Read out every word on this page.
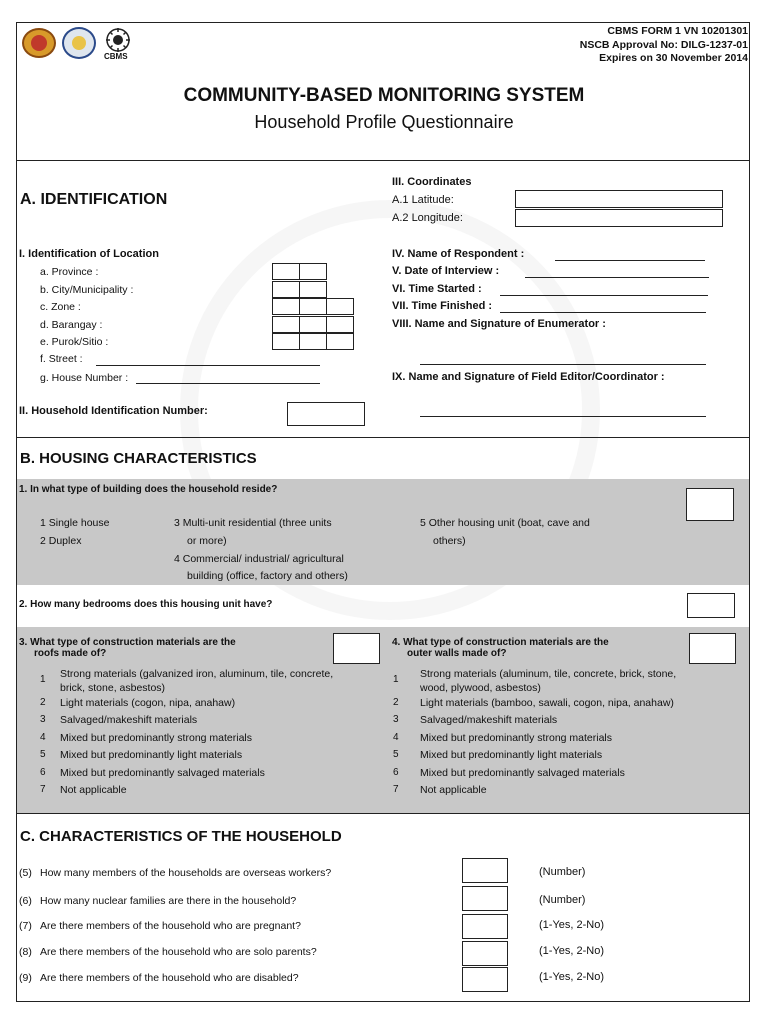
CBMS
CBMS FORM 1 VN 10201301
NSCB Approval No: DILG-1237-01
Expires on 30 November 2014
COMMUNITY-BASED MONITORING SYSTEM
Household Profile Questionnaire
A. IDENTIFICATION
I. Identification of Location
a. Province :
b. City/Municipality :
c. Zone :
d. Barangay :
e. Purok/Sitio :
f. Street :
g. House Number :
II. Household Identification Number:
III. Coordinates
A.1 Latitude:
A.2 Longitude:
IV. Name of Respondent :
V. Date of Interview :
VI. Time Started :
VII. Time Finished :
VIII. Name and Signature of Enumerator :
IX. Name and Signature of Field Editor/Coordinator :
B. HOUSING CHARACTERISTICS
1. In what type of building does the household reside?
1 Single house
2 Duplex
3 Multi-unit residential (three units
or more)
4 Commercial/ industrial/ agricultural
building (office, factory and others)
5 Other housing unit (boat, cave and
others)
2. How many bedrooms does this housing unit have?
3. What type of construction materials are the
roofs made of?
4. What type of construction materials are the
outer walls made of?
1 Strong materials (galvanized iron, aluminum, tile, concrete,
brick, stone, asbestos)
2 Light materials (cogon, nipa, anahaw)
3 Salvaged/makeshift materials
4 Mixed but predominantly strong materials
5 Mixed but predominantly light materials
6 Mixed but predominantly salvaged materials
7 Not applicable
1 Strong materials (aluminum, tile, concrete, brick, stone,
wood, plywood, asbestos)
2 Light materials (bamboo, sawali, cogon, nipa, anahaw)
3 Salvaged/makeshift materials
4 Mixed but predominantly strong materials
5 Mixed but predominantly light materials
6 Mixed but predominantly salvaged materials
7 Not applicable
C. CHARACTERISTICS OF THE HOUSEHOLD
(5) How many members of the households are overseas workers?	(Number)
(6) How many nuclear families are there in the household?	(Number)
(7) Are there members of the household who are pregnant?	(1-Yes, 2-No)
(8) Are there members of the household who are solo parents?	(1-Yes, 2-No)
(9) Are there members of the household who are disabled?	(1-Yes, 2-No)
